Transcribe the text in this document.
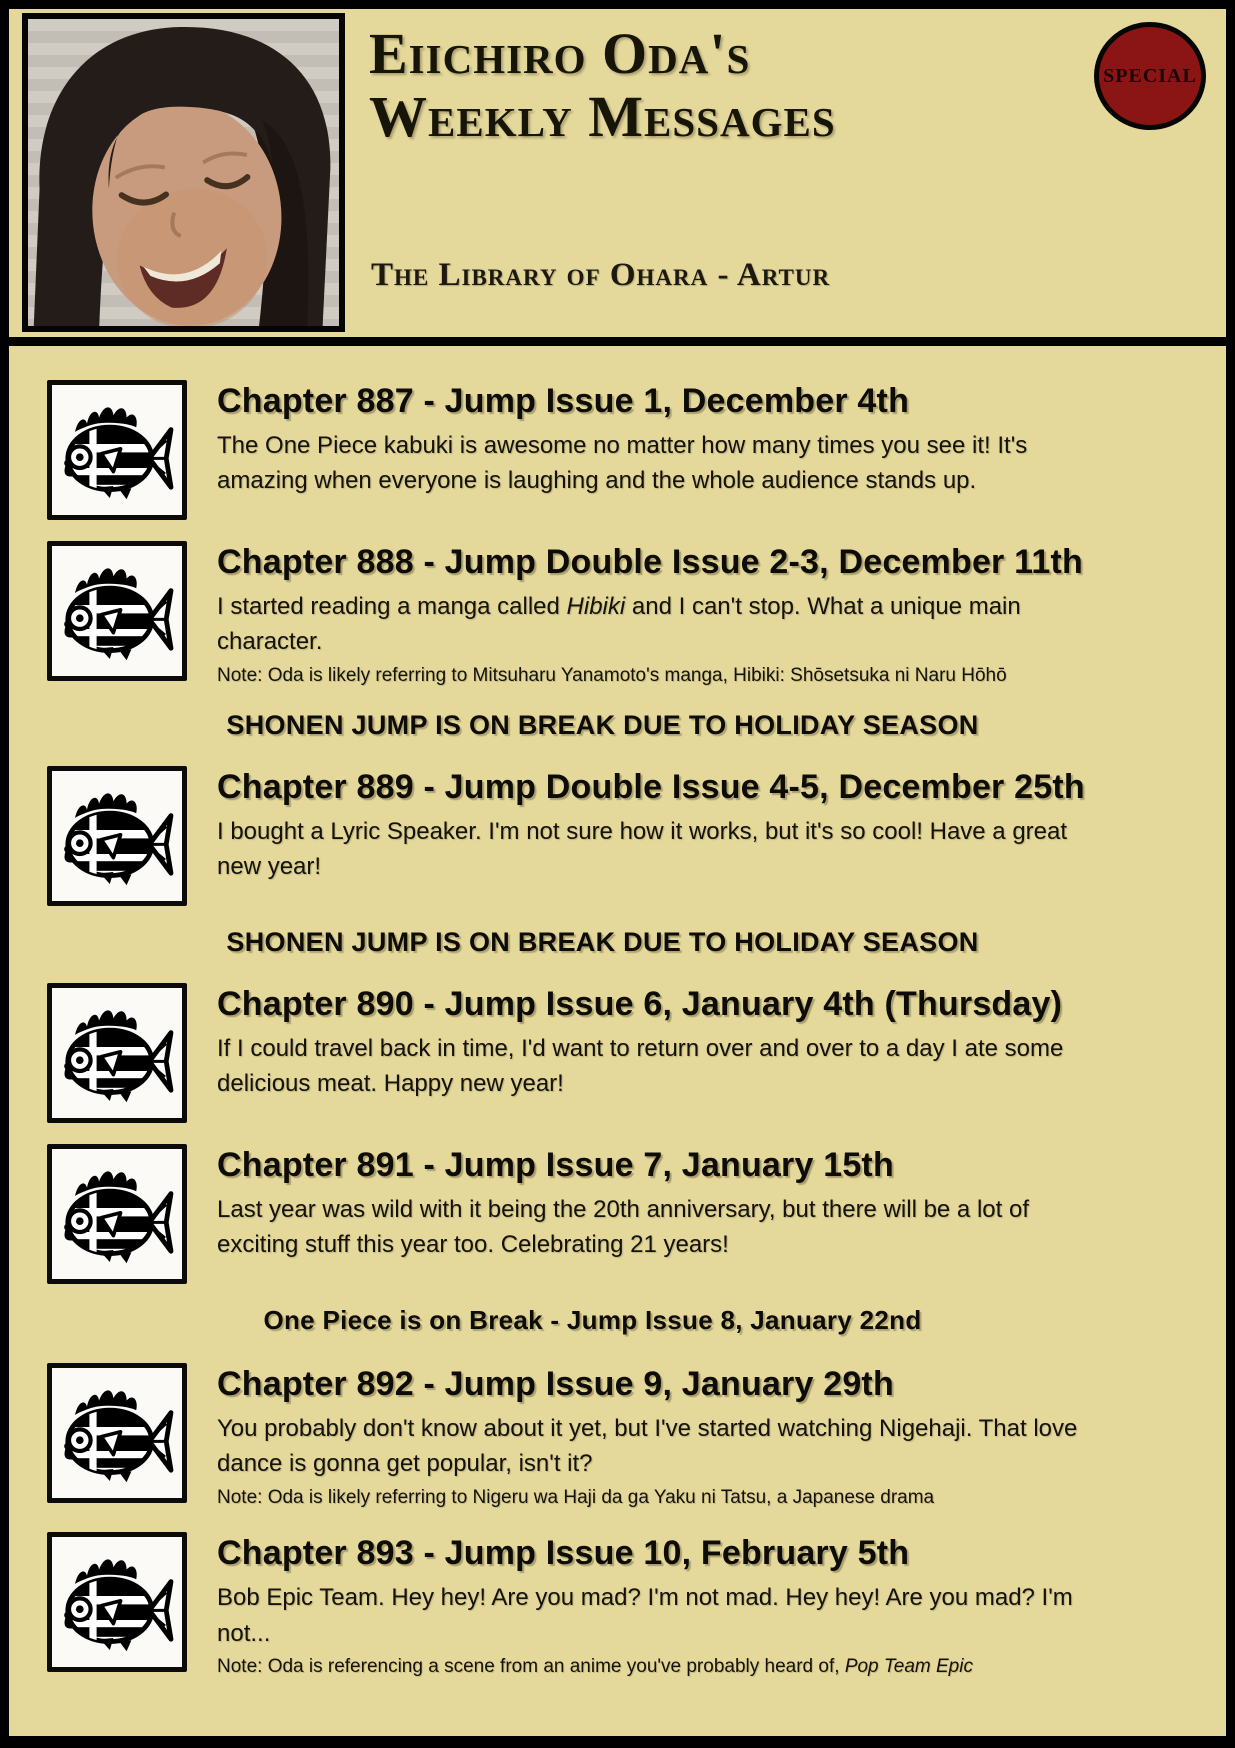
Eiichiro Oda's
Weekly Messages
The Library of Ohara - Artur
SPECIAL
Chapter 887 - Jump Issue 1, December 4th

The One Piece kabuki is awesome no matter how many times you see it! It's amazing when everyone is laughing and the whole audience stands up.

Chapter 888 - Jump Double Issue 2-3, December 11th

I started reading a manga called Hibiki and I can't stop. What a unique main character.

Note: Oda is likely referring to Mitsuharu Yanamoto's manga, Hibiki: Shōsetsuka ni Naru Hōhō

SHONEN JUMP IS ON BREAK DUE TO HOLIDAY SEASON
Chapter 889 - Jump Double Issue 4-5, December 25th

I bought a Lyric Speaker. I'm not sure how it works, but it's so cool! Have a great new year!

SHONEN JUMP IS ON BREAK DUE TO HOLIDAY SEASON
Chapter 890 - Jump Issue 6, January 4th (Thursday)

If I could travel back in time, I'd want to return over and over to a day I ate some delicious meat. Happy new year!

Chapter 891 - Jump Issue 7, January 15th

Last year was wild with it being the 20th anniversary, but there will be a lot of exciting stuff this year too. Celebrating 21 years!

One Piece is on Break - Jump Issue 8, January 22nd
Chapter 892 - Jump Issue 9, January 29th

You probably don't know about it yet, but I've started watching Nigehaji. That love dance is gonna get popular, isn't it?

Note: Oda is likely referring to Nigeru wa Haji da ga Yaku ni Tatsu, a Japanese drama

Chapter 893 - Jump Issue 10, February 5th

Bob Epic Team. Hey hey! Are you mad? I'm not mad. Hey hey! Are you mad? I'm not...

Note: Oda is referencing a scene from an anime you've probably heard of, Pop Team Epic
